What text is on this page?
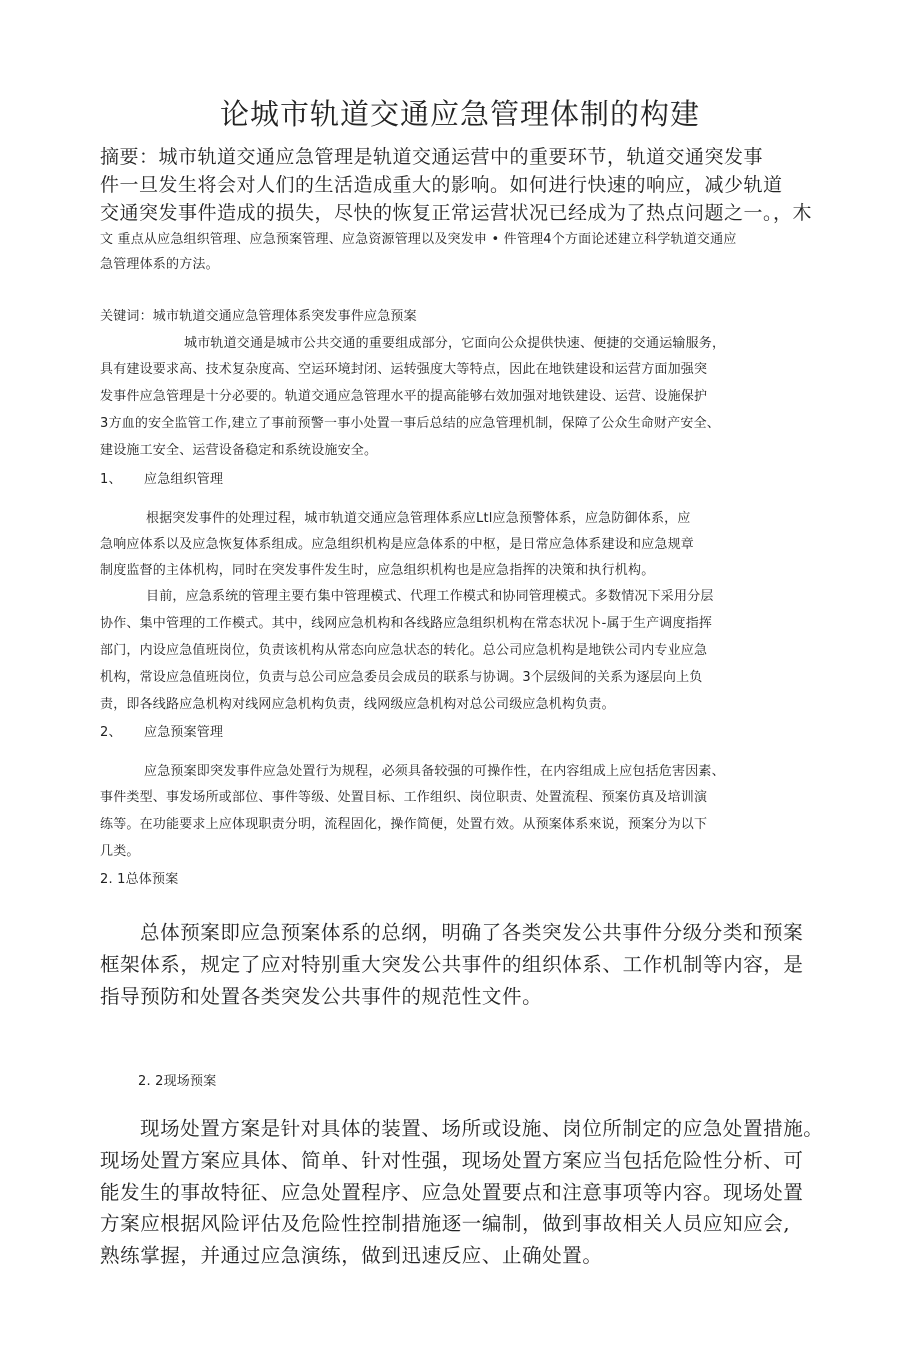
论城市轨道交通应急管理体制的构建
摘要：城市轨道交通应急管理是轨道交通运营中的重要环节，轨道交通突发事
件一旦发生将会对人们的生活造成重大的影响。如何进行快速的响应，减少轨道
交通突发事件造成的损失，尽快的恢复正常运营状况已经成为了热点问题之一。，木
文 重点从应急组织管理、应急预案管理、应急资源管理以及突发申 • 件管理4个方面论述建立科学轨道交通应
急管理体系的方法。
关键词：城市轨道交通应急管理体系突发事件应急预案
城市轨道交通是城市公共交通的重要组成部分，它面向公众提供快速、便捷的交通运输服务，
具有建设要求高、技术复杂度高、空运环境封闭、运转强度大等特点，因此在地铁建设和运营方面加强突
发事件应急管理是十分必要的。轨道交通应急管理水平的提高能够右效加强对地铁建设、运营、设施保护
3方血的安全监管工作,建立了事前预警一事小处置一事后总结的应急管理机制，保障了公众生命财产安全、
建设施工安全、运营设备稳定和系统设施安全。
1、 应急组织管理
根据突发事件的处理过程，城市轨道交通应急管理体系应Ltl应急预警体系，应急防御体系，应
急响应体系以及应急恢复体系组成。应急组织机构是应急体系的中枢，是日常应急体系建设和应急规章
制度监督的主体机构，同时在突发事件发生时，应急组织机构也是应急指挥的决策和执行机构。
目前，应急系统的管理主要冇集中管理模式、代理工作模式和协同管理模式。多数情况下采用分层
协作、集中管理的工作模式。其中，线网应急机构和各线路应急组织机构在常态状况卜-属于生产调度指挥
部门，内设应急值班岗位，负责该机构从常态向应急状态的转化。总公司应急机构是地铁公司内专业应急
机构，常设应急值班岗位，负责与总公司应急委员会成员的联系与协调。3个层级间的关系为逐层向上负
责，即各线路应急机构对线网应急机构负责，线网级应急机构对总公司级应急机构负责。
2、 应急预案管理
应急预案即突发事件应急处置行为规程，必须具备较强的可操作性，在内容组成上应包括危害因素、
事件类型、事发场所或部位、事件等级、处置目标、工作组织、岗位职责、处置流程、预案仿真及培训演
练等。在功能要求上应体现职责分明，流程固化，操作简便，处置冇效。从预案体系來说，预案分为以下
几类。
2. 1总体预案
总体预案即应急预案体系的总纲，明确了各类突发公共事件分级分类和预案
框架体系，规定了应对特别重大突发公共事件的组织体系、工作机制等内容，是
指导预防和处置各类突发公共事件的规范性文件。
2. 2现场预案
现场处置方案是针对具体的装置、场所或设施、岗位所制定的应急处置措施。
现场处置方案应具体、简单、针对性强，现场处置方案应当包括危险性分析、可
能发生的事故特征、应急处置程序、应急处置要点和注意事项等内容。现场处置
方案应根据风险评估及危险性控制措施逐一编制，做到事故相关人员应知应会,
熟练掌握，并通过应急演练，做到迅速反应、止确处置。
